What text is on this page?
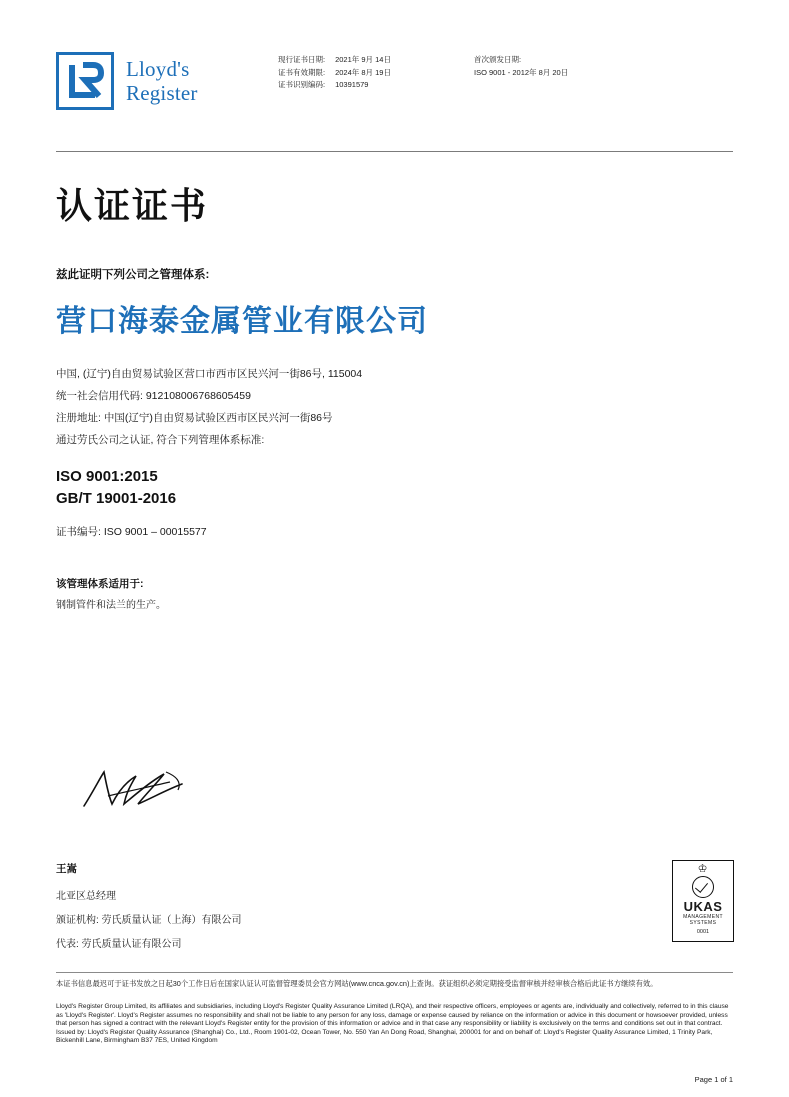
Lloyd's
Register
现行证书日期:
证书有效期限:
证书识别编码:
2021年 9月 14日
2024年 8月 19日
10391579
首次颁发日期:
ISO 9001 - 2012年 8月 20日
认证证书
兹此证明下列公司之管理体系:
营口海泰金属管业有限公司
中国, (辽宁)自由贸易试验区营口市西市区民兴河一街86号, 115004
统一社会信用代码: 912108006768605459
注册地址: 中国(辽宁)自由贸易试验区西市区民兴河一街86号
通过劳氏公司之认证, 符合下列管理体系标准:
ISO 9001:2015
GB/T 19001-2016
证书编号: ISO 9001 – 00015577
该管理体系适用于:
钢制管件和法兰的生产。
王嵩
北亚区总经理
颁证机构: 劳氏质量认证（上海）有限公司
代表: 劳氏质量认证有限公司
♔
UKAS
MANAGEMENT
SYSTEMS
0001
本证书信息最迟可于证书发放之日起30个工作日后在国家认证认可监督管理委员会官方网站(www.cnca.gov.cn)上查询。获证组织必须定期接受监督审核并经审核合格后此证书方继续有效。
Lloyd's Register Group Limited, its affiliates and subsidiaries, including Lloyd's Register Quality Assurance Limited (LRQA), and their respective officers, employees or agents are, individually and collectively, referred to in this clause as 'Lloyd's Register'. Lloyd's Register assumes no responsibility and shall not be liable to any person for any loss, damage or expense caused by reliance on the information or advice in this document or howsoever provided, unless that person has signed a contract with the relevant Lloyd's Register entity for the provision of this information or advice and in that case any responsibility or liability is exclusively on the terms and conditions set out in that contract. Issued by: Lloyd's Register Quality Assurance (Shanghai) Co., Ltd., Room 1901-02, Ocean Tower, No. 550 Yan An Dong Road, Shanghai, 200001 for and on behalf of: Lloyd's Register Quality Assurance Limited, 1 Trinity Park, Bickenhill Lane, Birmingham B37 7ES, United Kingdom
Page 1 of 1
